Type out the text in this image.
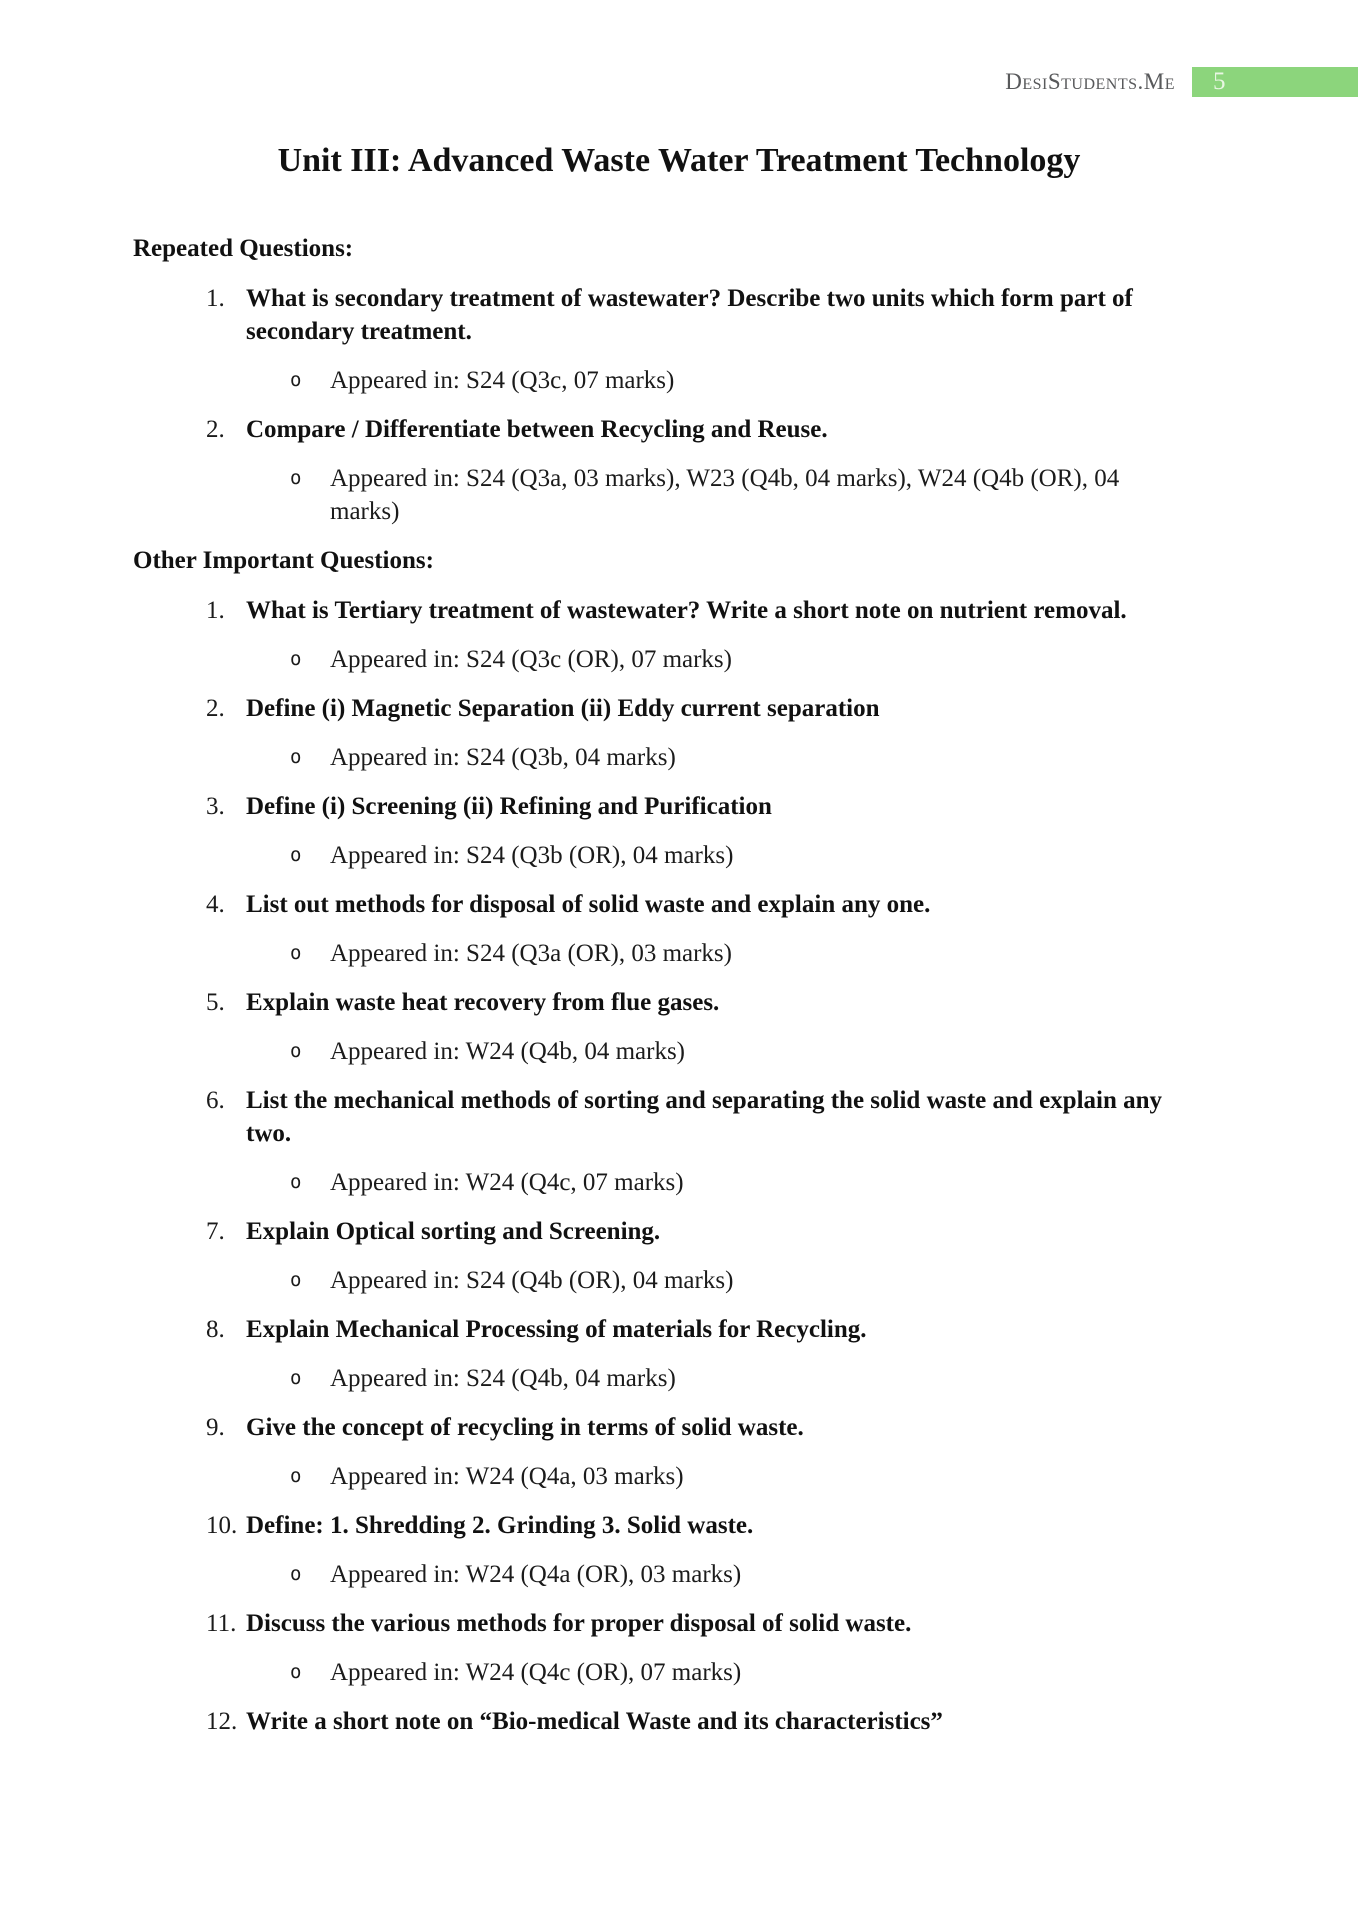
DesiStudents.Me	5
Unit III: Advanced Waste Water Treatment Technology
Repeated Questions:
1. What is secondary treatment of wastewater? Describe two units which form part of secondary treatment.
o	Appeared in: S24 (Q3c, 07 marks)
2. Compare / Differentiate between Recycling and Reuse.
o	Appeared in: S24 (Q3a, 03 marks), W23 (Q4b, 04 marks), W24 (Q4b (OR), 04 marks)
Other Important Questions:
1. What is Tertiary treatment of wastewater? Write a short note on nutrient removal.
o	Appeared in: S24 (Q3c (OR), 07 marks)
2. Define (i) Magnetic Separation (ii) Eddy current separation
o	Appeared in: S24 (Q3b, 04 marks)
3. Define (i) Screening (ii) Refining and Purification
o	Appeared in: S24 (Q3b (OR), 04 marks)
4. List out methods for disposal of solid waste and explain any one.
o	Appeared in: S24 (Q3a (OR), 03 marks)
5. Explain waste heat recovery from flue gases.
o	Appeared in: W24 (Q4b, 04 marks)
6. List the mechanical methods of sorting and separating the solid waste and explain any two.
o	Appeared in: W24 (Q4c, 07 marks)
7. Explain Optical sorting and Screening.
o	Appeared in: S24 (Q4b (OR), 04 marks)
8. Explain Mechanical Processing of materials for Recycling.
o	Appeared in: S24 (Q4b, 04 marks)
9. Give the concept of recycling in terms of solid waste.
o	Appeared in: W24 (Q4a, 03 marks)
10. Define: 1. Shredding 2. Grinding 3. Solid waste.
o	Appeared in: W24 (Q4a (OR), 03 marks)
11. Discuss the various methods for proper disposal of solid waste.
o	Appeared in: W24 (Q4c (OR), 07 marks)
12. Write a short note on “Bio-medical Waste and its characteristics”
